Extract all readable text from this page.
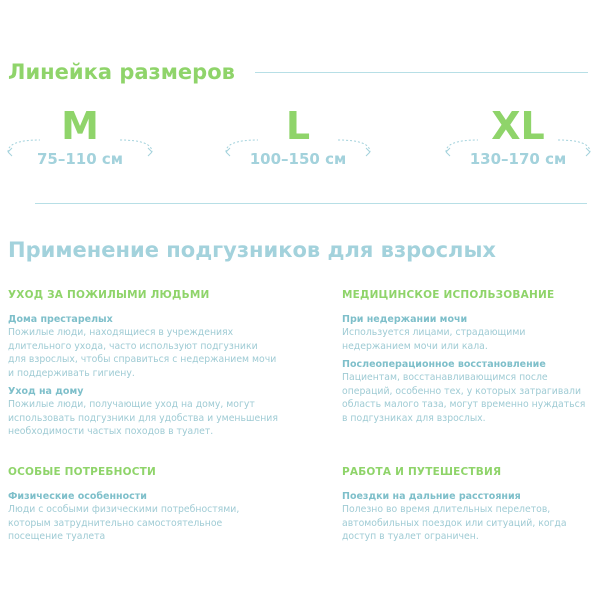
Линейка размеров
M
75–110 см
L
100–150 см
XL
130–170 см
Применение подгузников для взрослых
УХОД ЗА ПОЖИЛЫМИ ЛЮДЬМИ
Дома престарелых
Пожилые люди, находящиеся в учреждениях длительного ухода, часто используют подгузники для взрослых, чтобы справиться с недержанием мочи и поддерживать гигиену.
Уход на дому
Пожилые люди, получающие уход на дому, могут использовать подгузники для удобства и уменьшения необходимости частых походов в туалет.
МЕДИЦИНСКОЕ ИСПОЛЬЗОВАНИЕ
При недержании мочи
Используется лицами, страдающими недержанием мочи или кала.
Послеоперационное восстановление
Пациентам, восстанавливающимся после операций, особенно тех, у которых затрагивали область малого таза, могут временно нуждаться в подгузниках для взрослых.
ОСОБЫЕ ПОТРЕБНОСТИ
Физические особенности
Люди с особыми физическими потребностями, которым затруднительно самостоятельное посещение туалета
РАБОТА И ПУТЕШЕСТВИЯ
Поездки на дальние расстояния
Полезно во время длительных перелетов, автомобильных поездок или ситуаций, когда доступ в туалет ограничен.
